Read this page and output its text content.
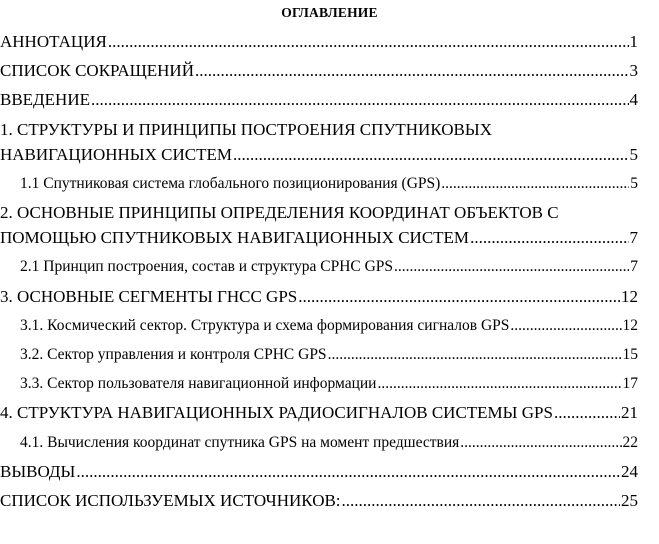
ОГЛАВЛЕНИЕ
АННОТАЦИЯ .....	1
СПИСОК СОКРАЩЕНИЙ .....	3
ВВЕДЕНИЕ .....	4
1. СТРУКТУРЫ И ПРИНЦИПЫ ПОСТРОЕНИЯ СПУТНИКОВЫХ
НАВИГАЦИОННЫХ СИСТЕМ .....	5
1.1 Спутниковая система глобального позиционирования (GPS) .....	5
2. ОСНОВНЫЕ ПРИНЦИПЫ ОПРЕДЕЛЕНИЯ КООРДИНАТ ОБЪЕКТОВ С
ПОМОЩЬЮ СПУТНИКОВЫХ НАВИГАЦИОННЫХ СИСТЕМ .....	7
2.1 Принцип построения, состав и структура СРНС GPS .....	7
3. ОСНОВНЫЕ СЕГМЕНТЫ ГНСС GPS .....	12
3.1. Космический сектор. Структура и схема формирования сигналов GPS .....	12
3.2. Сектор управления и контроля СРНС GPS .....	15
3.3. Сектор пользователя навигационной информации .....	17
4. СТРУКТУРА НАВИГАЦИОННЫХ РАДИОСИГНАЛОВ СИСТЕМЫ GPS .....	21
4.1. Вычисления координат спутника GPS на момент предшествия .....	22
ВЫВОДЫ .....	24
СПИСОК ИСПОЛЬЗУЕМЫХ ИСТОЧНИКОВ: .....	25
